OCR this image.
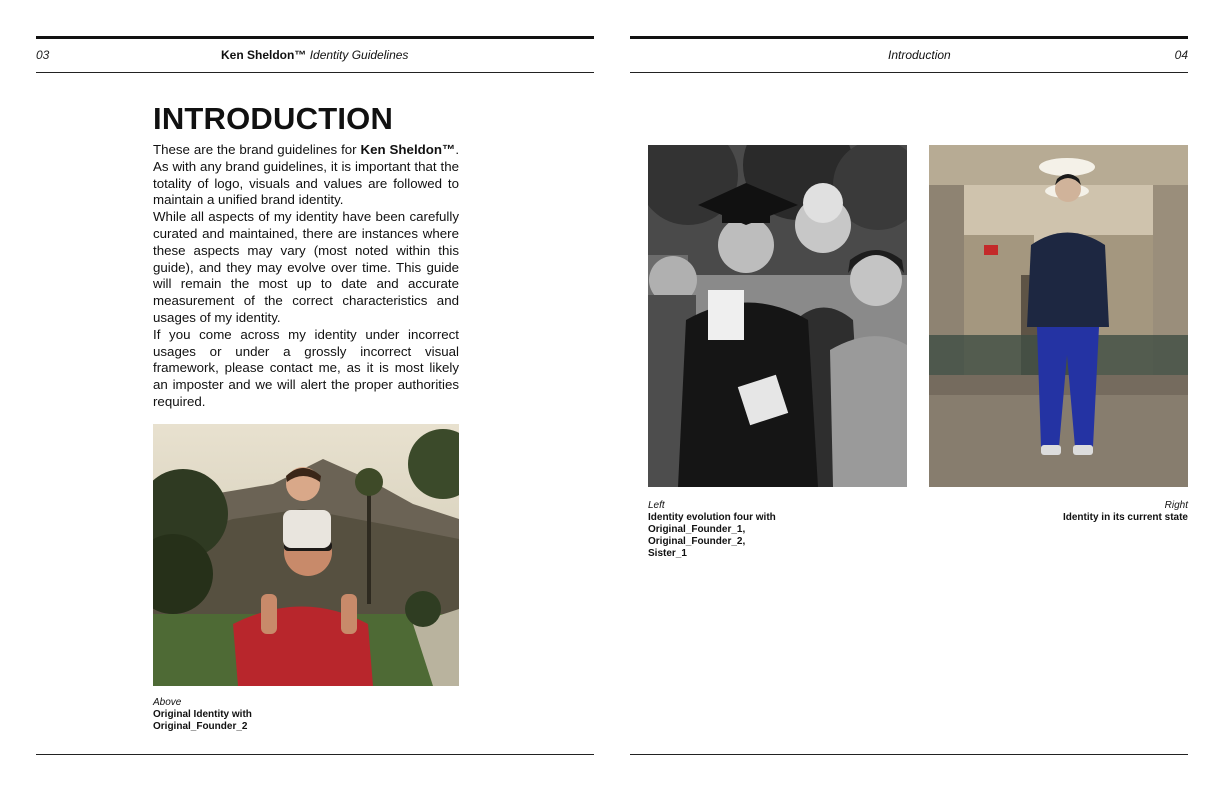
03	Ken Sheldon™ Identity Guidelines
INTRODUCTION

These are the brand guidelines for Ken Sheldon™. As with any brand guidelines, it is important that the totality of logo, visuals and values are followed to maintain a unified brand identity.

While all aspects of my identity have been carefully curated and maintained, there are instances where these aspects may vary (most noted within this guide), and they may evolve over time. This guide will remain the most up to date and accurate measurement of the correct characteristics and usages of my identity.

If you come across my identity under incorrect usages or under a grossly incorrect visual framework, please contact me, as it is most likely an imposter and we will alert the proper authorities required.

Above
Original Identity with
Original_Founder_2
Introduction	04
Left
Identity evolution four with
Original_Founder_1,
Original_Founder_2,
Sister_1
Right
Identity in its current state
